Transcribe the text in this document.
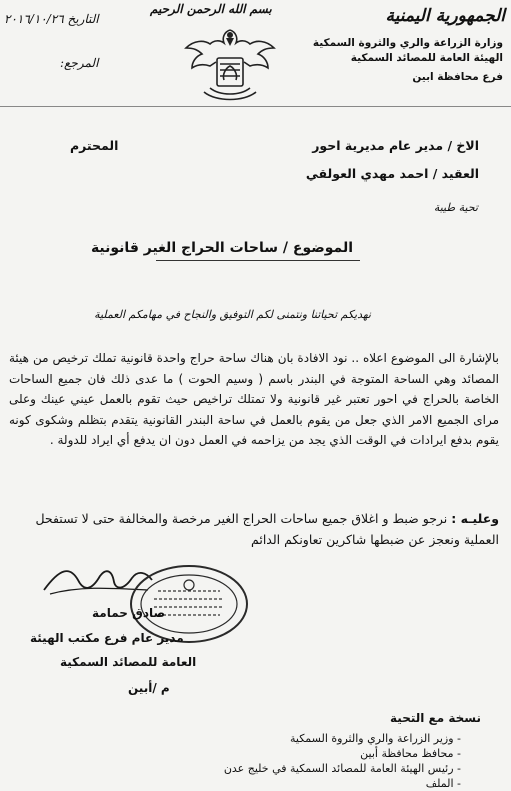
الجمهورية اليمنية
وزارة الزراعة والري والثروة السمكية
الهيئة العامة للمصائد السمكية
فرع محافظة ابين
التاريخ ٢٠١٦/١٠/٢٦
المرجع:
بسم الله الرحمن الرحيم
الاخ / مدير عام مديرية احور
المحترم
العقيد / احمد مهدي العولقي
تحية طيبة
الموضوع / ساحات الحراج الغير قانونية
نهديكم تحياتنا ونتمنى لكم التوفيق والنجاح في مهامكم العملية
بالإشارة الى الموضوع اعلاه .. نود الافادة بان هناك ساحة حراج واحدة قانونية تملك ترخيص من هيئة المصائد وهي الساحة المتوجة في البندر باسم ( وسيم الحوت ) ما عدى ذلك فان جميع الساحات الخاصة بالحراج في احور تعتبر غير قانونية ولا تمتلك تراخيص حيث تقوم بالعمل عيني عينك وعلى مراى الجميع الامر الذي جعل من يقوم بالعمل في ساحة البندر القانونية يتقدم بتظلم وشكوى كونه يقوم بدفع ايرادات في الوقت الذي يجد من يزاحمه في العمل دون ان يدفع أي ايراد للدولة .
وعليـه : نرجو ضبط و اغلاق جميع ساحات الحراج الغير مرخصة والمخالفة حتى لا تستفحل العملية ونعجز عن ضبطها شاكرين تعاونكم الدائم
صادق حمامة
مدير عام فرع مكتب الهيئة
العامة للمصائد السمكية
م /أبين
نسخة مع التحية
- وزير الزراعة والري والثروة السمكية
- محافظ محافظة أبين
- رئيس الهيئة العامة للمصائد السمكية في خليج عدن
- الملف
